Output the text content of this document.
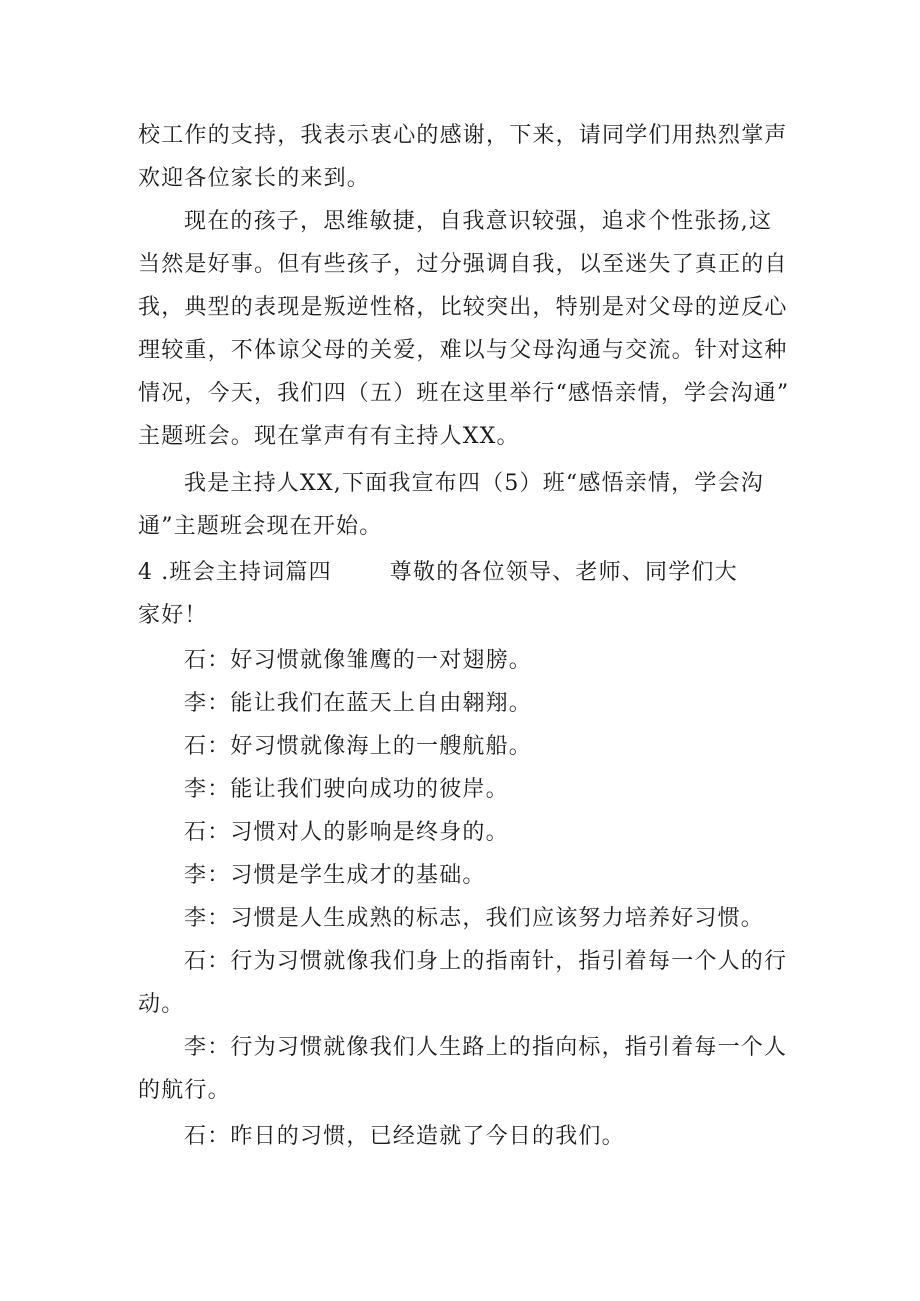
校工作的支持，我表示衷心的感谢，下来，请同学们用热烈掌声
欢迎各位家长的来到。
现在的孩子，思维敏捷，自我意识较强，追求个性张扬,这
当然是好事。但有些孩子，过分强调自我，以至迷失了真正的自
我，典型的表现是叛逆性格，比较突出，特别是对父母的逆反心
理较重，不体谅父母的关爱，难以与父母沟通与交流。针对这种
情况，今天，我们四（五）班在这里举行“感悟亲情，学会沟通”
主题班会。现在掌声有有主持人XX。
我是主持人XX,下面我宣布四（5）班“感悟亲情，学会沟
通”主题班会现在开始。
4 .班会主持词篇四	尊敬的各位领导、老师、同学们大
家好！
石：好习惯就像雏鹰的一对翅膀。
李：能让我们在蓝天上自由翱翔。
石：好习惯就像海上的一艘航船。
李：能让我们驶向成功的彼岸。
石：习惯对人的影响是终身的。
李：习惯是学生成才的基础。
李：习惯是人生成熟的标志，我们应该努力培养好习惯。
石：行为习惯就像我们身上的指南针，指引着每一个人的行
动。
李：行为习惯就像我们人生路上的指向标，指引着每一个人
的航行。
石：昨日的习惯，已经造就了今日的我们。
